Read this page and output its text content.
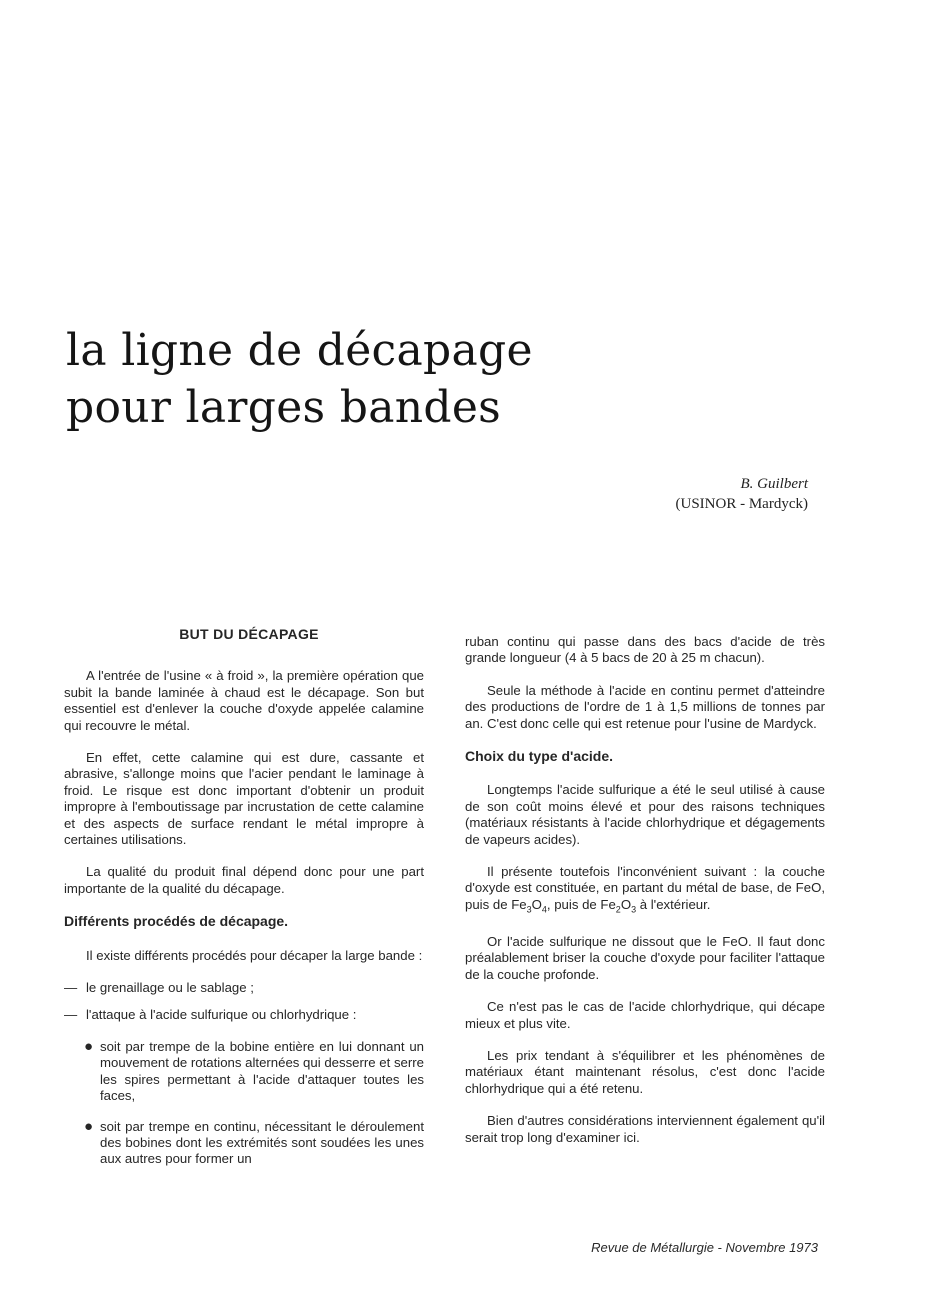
la ligne de décapage
pour larges bandes
B. Guilbert
(USINOR - Mardyck)
BUT DU DÉCAPAGE

A l'entrée de l'usine « à froid », la première opération que subit la bande laminée à chaud est le décapage. Son but essentiel est d'enlever la couche d'oxyde appelée calamine qui recouvre le métal.

En effet, cette calamine qui est dure, cassante et abrasive, s'allonge moins que l'acier pendant le laminage à froid. Le risque est donc important d'obtenir un produit impropre à l'emboutissage par incrustation de cette calamine et des aspects de surface rendant le métal impropre à certaines utilisations.

La qualité du produit final dépend donc pour une part importante de la qualité du décapage.

Différents procédés de décapage.

Il existe différents procédés pour décaper la large bande :

— le grenaillage ou le sablage ;
— l'attaque à l'acide sulfurique ou chlorhydrique :
● soit par trempe de la bobine entière en lui donnant un mouvement de rotations alternées qui desserre et serre les spires permettant à l'acide d'attaquer toutes les faces,
● soit par trempe en continu, nécessitant le déroulement des bobines dont les extrémités sont soudées les unes aux autres pour former un

ruban continu qui passe dans des bacs d'acide de très grande longueur (4 à 5 bacs de 20 à 25 m chacun).

Seule la méthode à l'acide en continu permet d'atteindre des productions de l'ordre de 1 à 1,5 millions de tonnes par an. C'est donc celle qui est retenue pour l'usine de Mardyck.

Choix du type d'acide.

Longtemps l'acide sulfurique a été le seul utilisé à cause de son coût moins élevé et pour des raisons techniques (matériaux résistants à l'acide chlorhydrique et dégagements de vapeurs acides).

Il présente toutefois l'inconvénient suivant : la couche d'oxyde est constituée, en partant du métal de base, de FeO, puis de $Fe_3O_4$, puis de $Fe_2O_3$ à l'extérieur.

Or l'acide sulfurique ne dissout que le FeO. Il faut donc préalablement briser la couche d'oxyde pour faciliter l'attaque de la couche profonde.

Ce n'est pas le cas de l'acide chlorhydrique, qui décape mieux et plus vite.

Les prix tendant à s'équilibrer et les phénomènes de matériaux étant maintenant résolus, c'est donc l'acide chlorhydrique qui a été retenu.

Bien d'autres considérations interviennent également qu'il serait trop long d'examiner ici.

Revue de Métallurgie - Novembre 1973
